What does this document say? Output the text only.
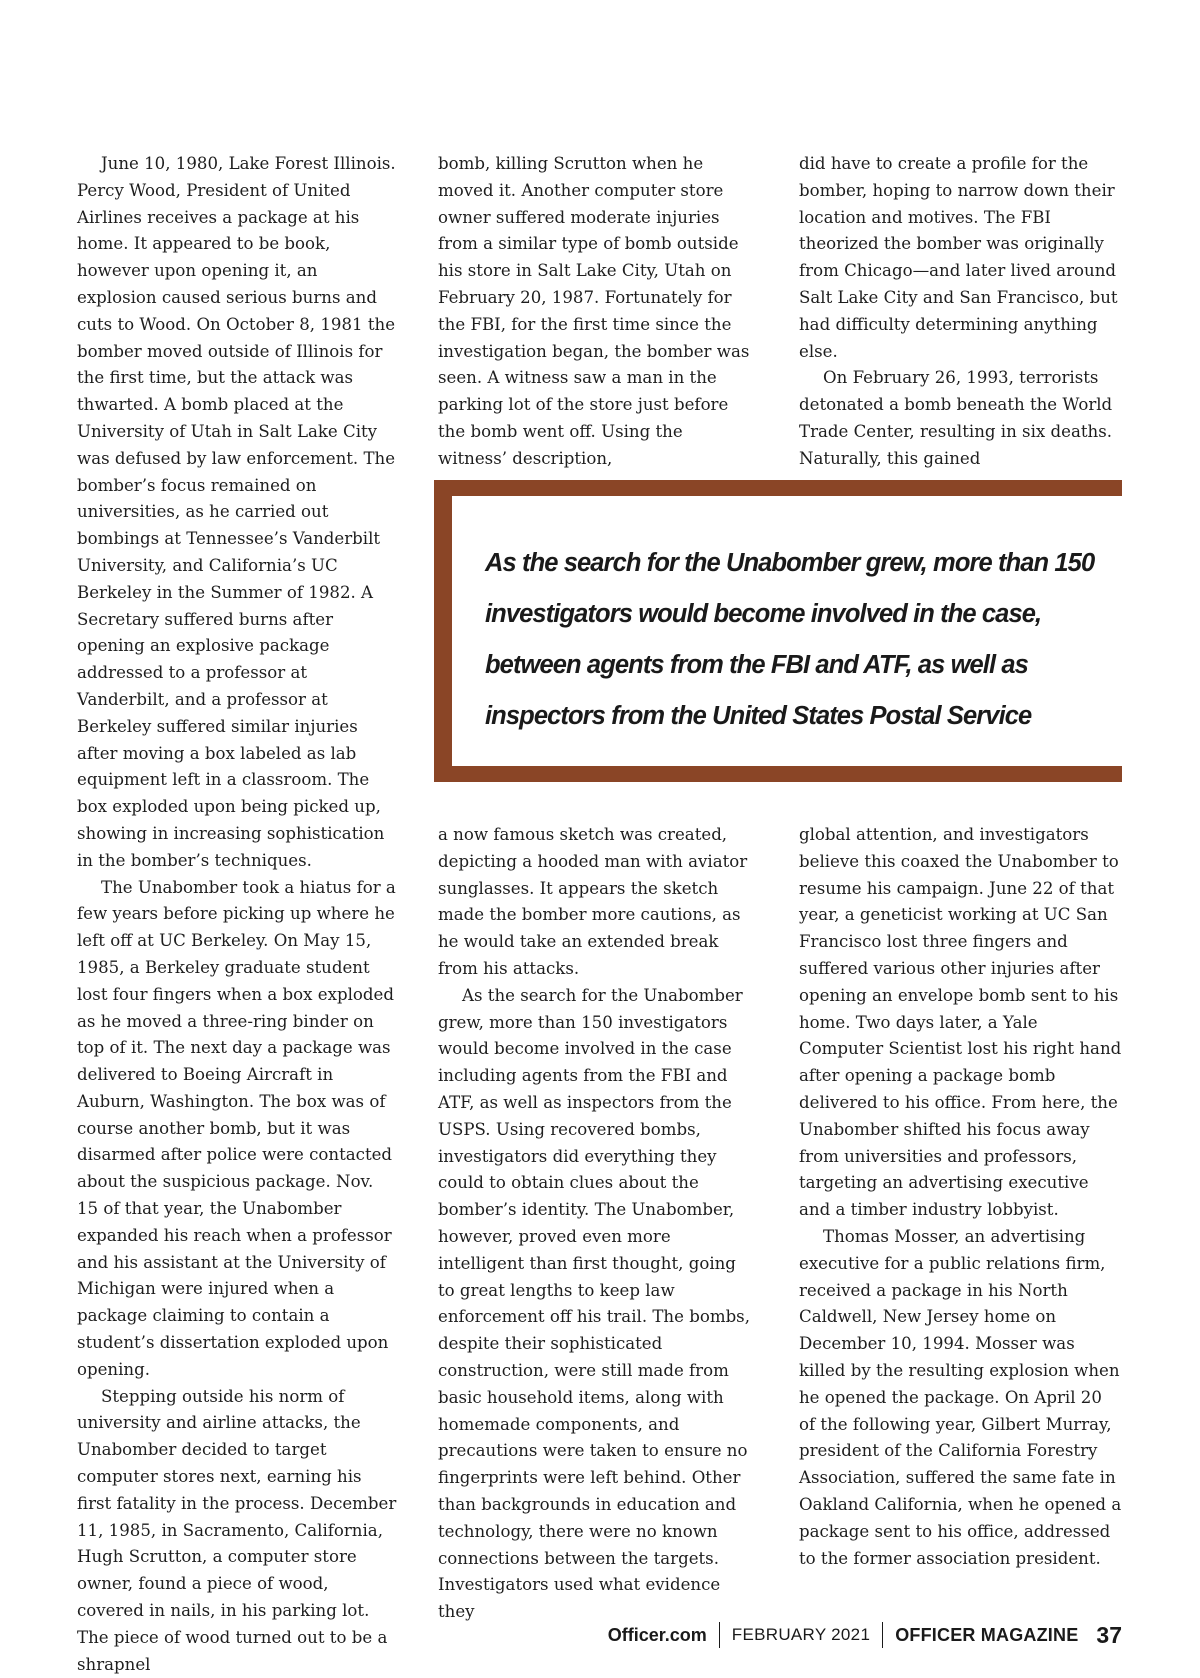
June 10, 1980, Lake Forest Illinois. Percy Wood, President of United Airlines receives a package at his home. It appeared to be book, however upon opening it, an explosion caused serious burns and cuts to Wood. On October 8, 1981 the bomber moved outside of Illinois for the first time, but the attack was thwarted. A bomb placed at the University of Utah in Salt Lake City was defused by law enforcement. The bomber’s focus remained on universities, as he carried out bombings at Tennessee’s Vanderbilt University, and California’s UC Berkeley in the Summer of 1982. A Secretary suffered burns after opening an explosive package addressed to a professor at Vanderbilt, and a professor at Berkeley suffered similar injuries after moving a box labeled as lab equipment left in a classroom. The box exploded upon being picked up, showing in increasing sophistication in the bomber’s techniques.

The Unabomber took a hiatus for a few years before picking up where he left off at UC Berkeley. On May 15, 1985, a Berkeley graduate student lost four fingers when a box exploded as he moved a three-ring binder on top of it. The next day a package was delivered to Boeing Aircraft in Auburn, Washington. The box was of course another bomb, but it was disarmed after police were contacted about the suspicious package. Nov. 15 of that year, the Unabomber expanded his reach when a professor and his assistant at the University of Michigan were injured when a package claiming to contain a student’s dissertation exploded upon opening.

Stepping outside his norm of university and airline attacks, the Unabomber decided to target computer stores next, earning his first fatality in the process. December 11, 1985, in Sacramento, California, Hugh Scrutton, a computer store owner, found a piece of wood, covered in nails, in his parking lot. The piece of wood turned out to be a shrapnel

bomb, killing Scrutton when he moved it. Another computer store owner suffered moderate injuries from a similar type of bomb outside his store in Salt Lake City, Utah on February 20, 1987. Fortunately for the FBI, for the first time since the investigation began, the bomber was seen. A witness saw a man in the parking lot of the store just before the bomb went off. Using the witness’ description,

did have to create a profile for the bomber, hoping to narrow down their location and motives. The FBI theorized the bomber was originally from Chicago—and later lived around Salt Lake City and San Francisco, but had difficulty determining anything else.

On February 26, 1993, terrorists detonated a bomb beneath the World Trade Center, resulting in six deaths. Naturally, this gained

As the search for the Unabomber grew, more than 150 investigators would become involved in the case, between agents from the FBI and ATF, as well as inspectors from the United States Postal Service

a now famous sketch was created, depicting a hooded man with aviator sunglasses. It appears the sketch made the bomber more cautions, as he would take an extended break from his attacks.

As the search for the Unabomber grew, more than 150 investigators would become involved in the case including agents from the FBI and ATF, as well as inspectors from the USPS. Using recovered bombs, investigators did everything they could to obtain clues about the bomber’s identity. The Unabomber, however, proved even more intelligent than first thought, going to great lengths to keep law enforcement off his trail. The bombs, despite their sophisticated construction, were still made from basic household items, along with homemade components, and precautions were taken to ensure no fingerprints were left behind. Other than backgrounds in education and technology, there were no known connections between the targets. Investigators used what evidence they

global attention, and investigators believe this coaxed the Unabomber to resume his campaign. June 22 of that year, a geneticist working at UC San Francisco lost three fingers and suffered various other injuries after opening an envelope bomb sent to his home. Two days later, a Yale Computer Scientist lost his right hand after opening a package bomb delivered to his office. From here, the Unabomber shifted his focus away from universities and professors, targeting an advertising executive and a timber industry lobbyist.

Thomas Mosser, an advertising executive for a public relations firm, received a package in his North Caldwell, New Jersey home on December 10, 1994. Mosser was killed by the resulting explosion when he opened the package. On April 20 of the following year, Gilbert Murray, president of the California Forestry Association, suffered the same fate in Oakland California, when he opened a package sent to his office, addressed to the former association president.

Officer.com FEBRUARY 2021 OFFICER MAGAZINE 37
